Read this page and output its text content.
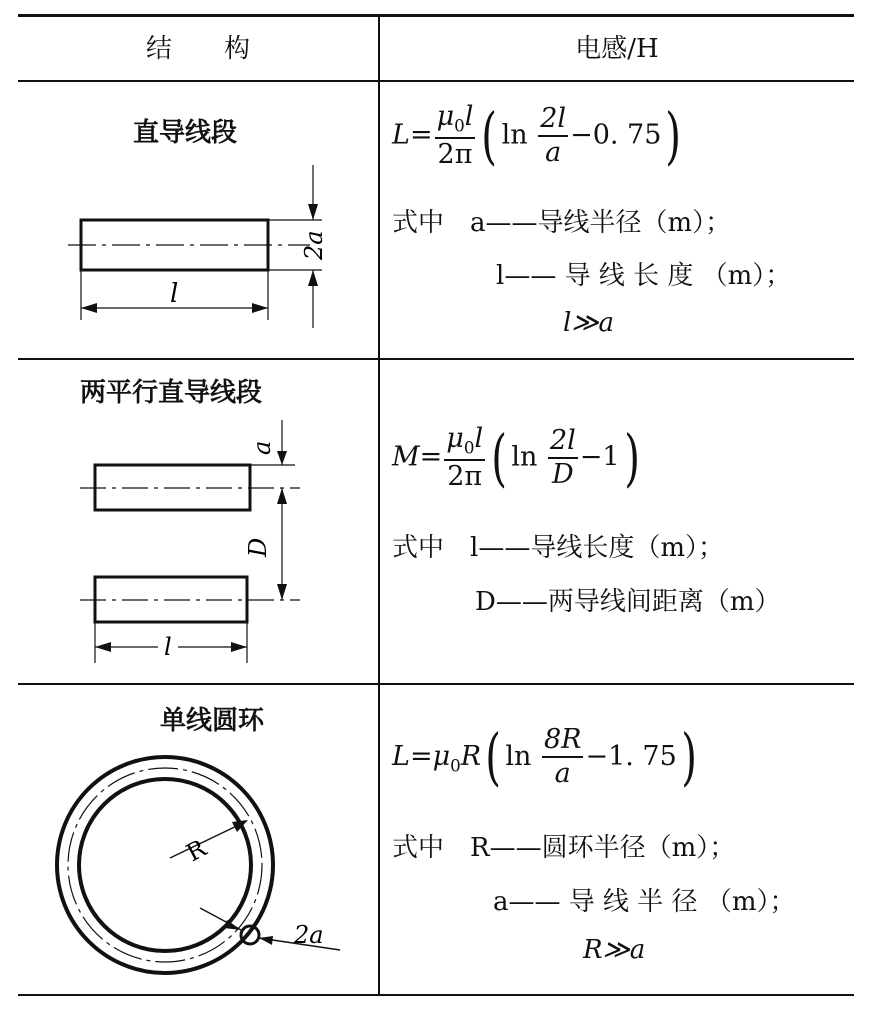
结　　构	电感/H
直导线段
2a
l
$L= \frac{\mu_0l}{2\pi}$ ( $\ln \frac{2l}{a} -0$. 75)
式中　a——导线半径（m）；
l—— 导 线 长 度 （m）；
l≫a
两平行直导线段
a
D
l
$M= \frac{\mu_0l}{2\pi}$ ( $\ln \frac{2l}{D} -1$)
式中　l——导线长度（m）；
D——两导线间距离（m）
单线圆环
R
2a
$L=\mu_0R$( $\ln \frac{8R}{a} -1$. 75)
式中　R——圆环半径（m）；
a—— 导 线 半 径 （m）；
R≫a
